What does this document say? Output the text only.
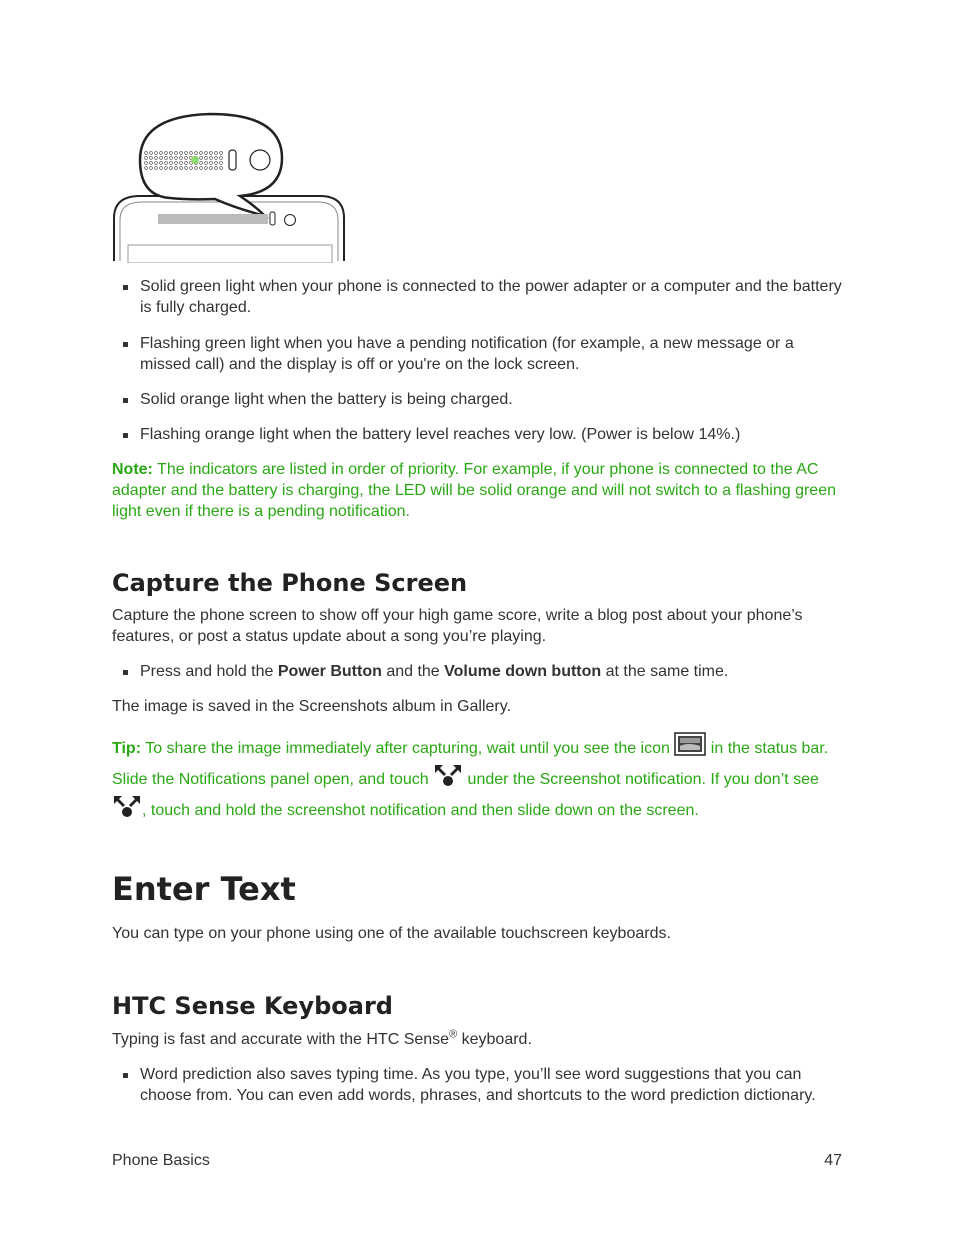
Solid green light when your phone is connected to the power adapter or a computer and the battery is fully charged.
Flashing green light when you have a pending notification (for example, a new message or a missed call) and the display is off or you're on the lock screen.
Solid orange light when the battery is being charged.
Flashing orange light when the battery level reaches very low. (Power is below 14%.)

Note: The indicators are listed in order of priority. For example, if your phone is connected to the AC adapter and the battery is charging, the LED will be solid orange and will not switch to a flashing green light even if there is a pending notification.

Capture the Phone Screen

Capture the phone screen to show off your high game score, write a blog post about your phone’s features, or post a status update about a song you’re playing.

Press and hold the Power Button and the Volume down button at the same time.

The image is saved in the Screenshots album in Gallery.

Tip: To share the image immediately after capturing, wait until you see the icon  in the status bar. Slide the Notifications panel open, and touch  under the Screenshot notification. If you don’t see , touch and hold the screenshot notification and then slide down on the screen.

Enter Text

You can type on your phone using one of the available touchscreen keyboards.

HTC Sense Keyboard

Typing is fast and accurate with the HTC Sense® keyboard.

Word prediction also saves typing time. As you type, you’ll see word suggestions that you can choose from. You can even add words, phrases, and shortcuts to the word prediction dictionary.
Phone Basics	47
